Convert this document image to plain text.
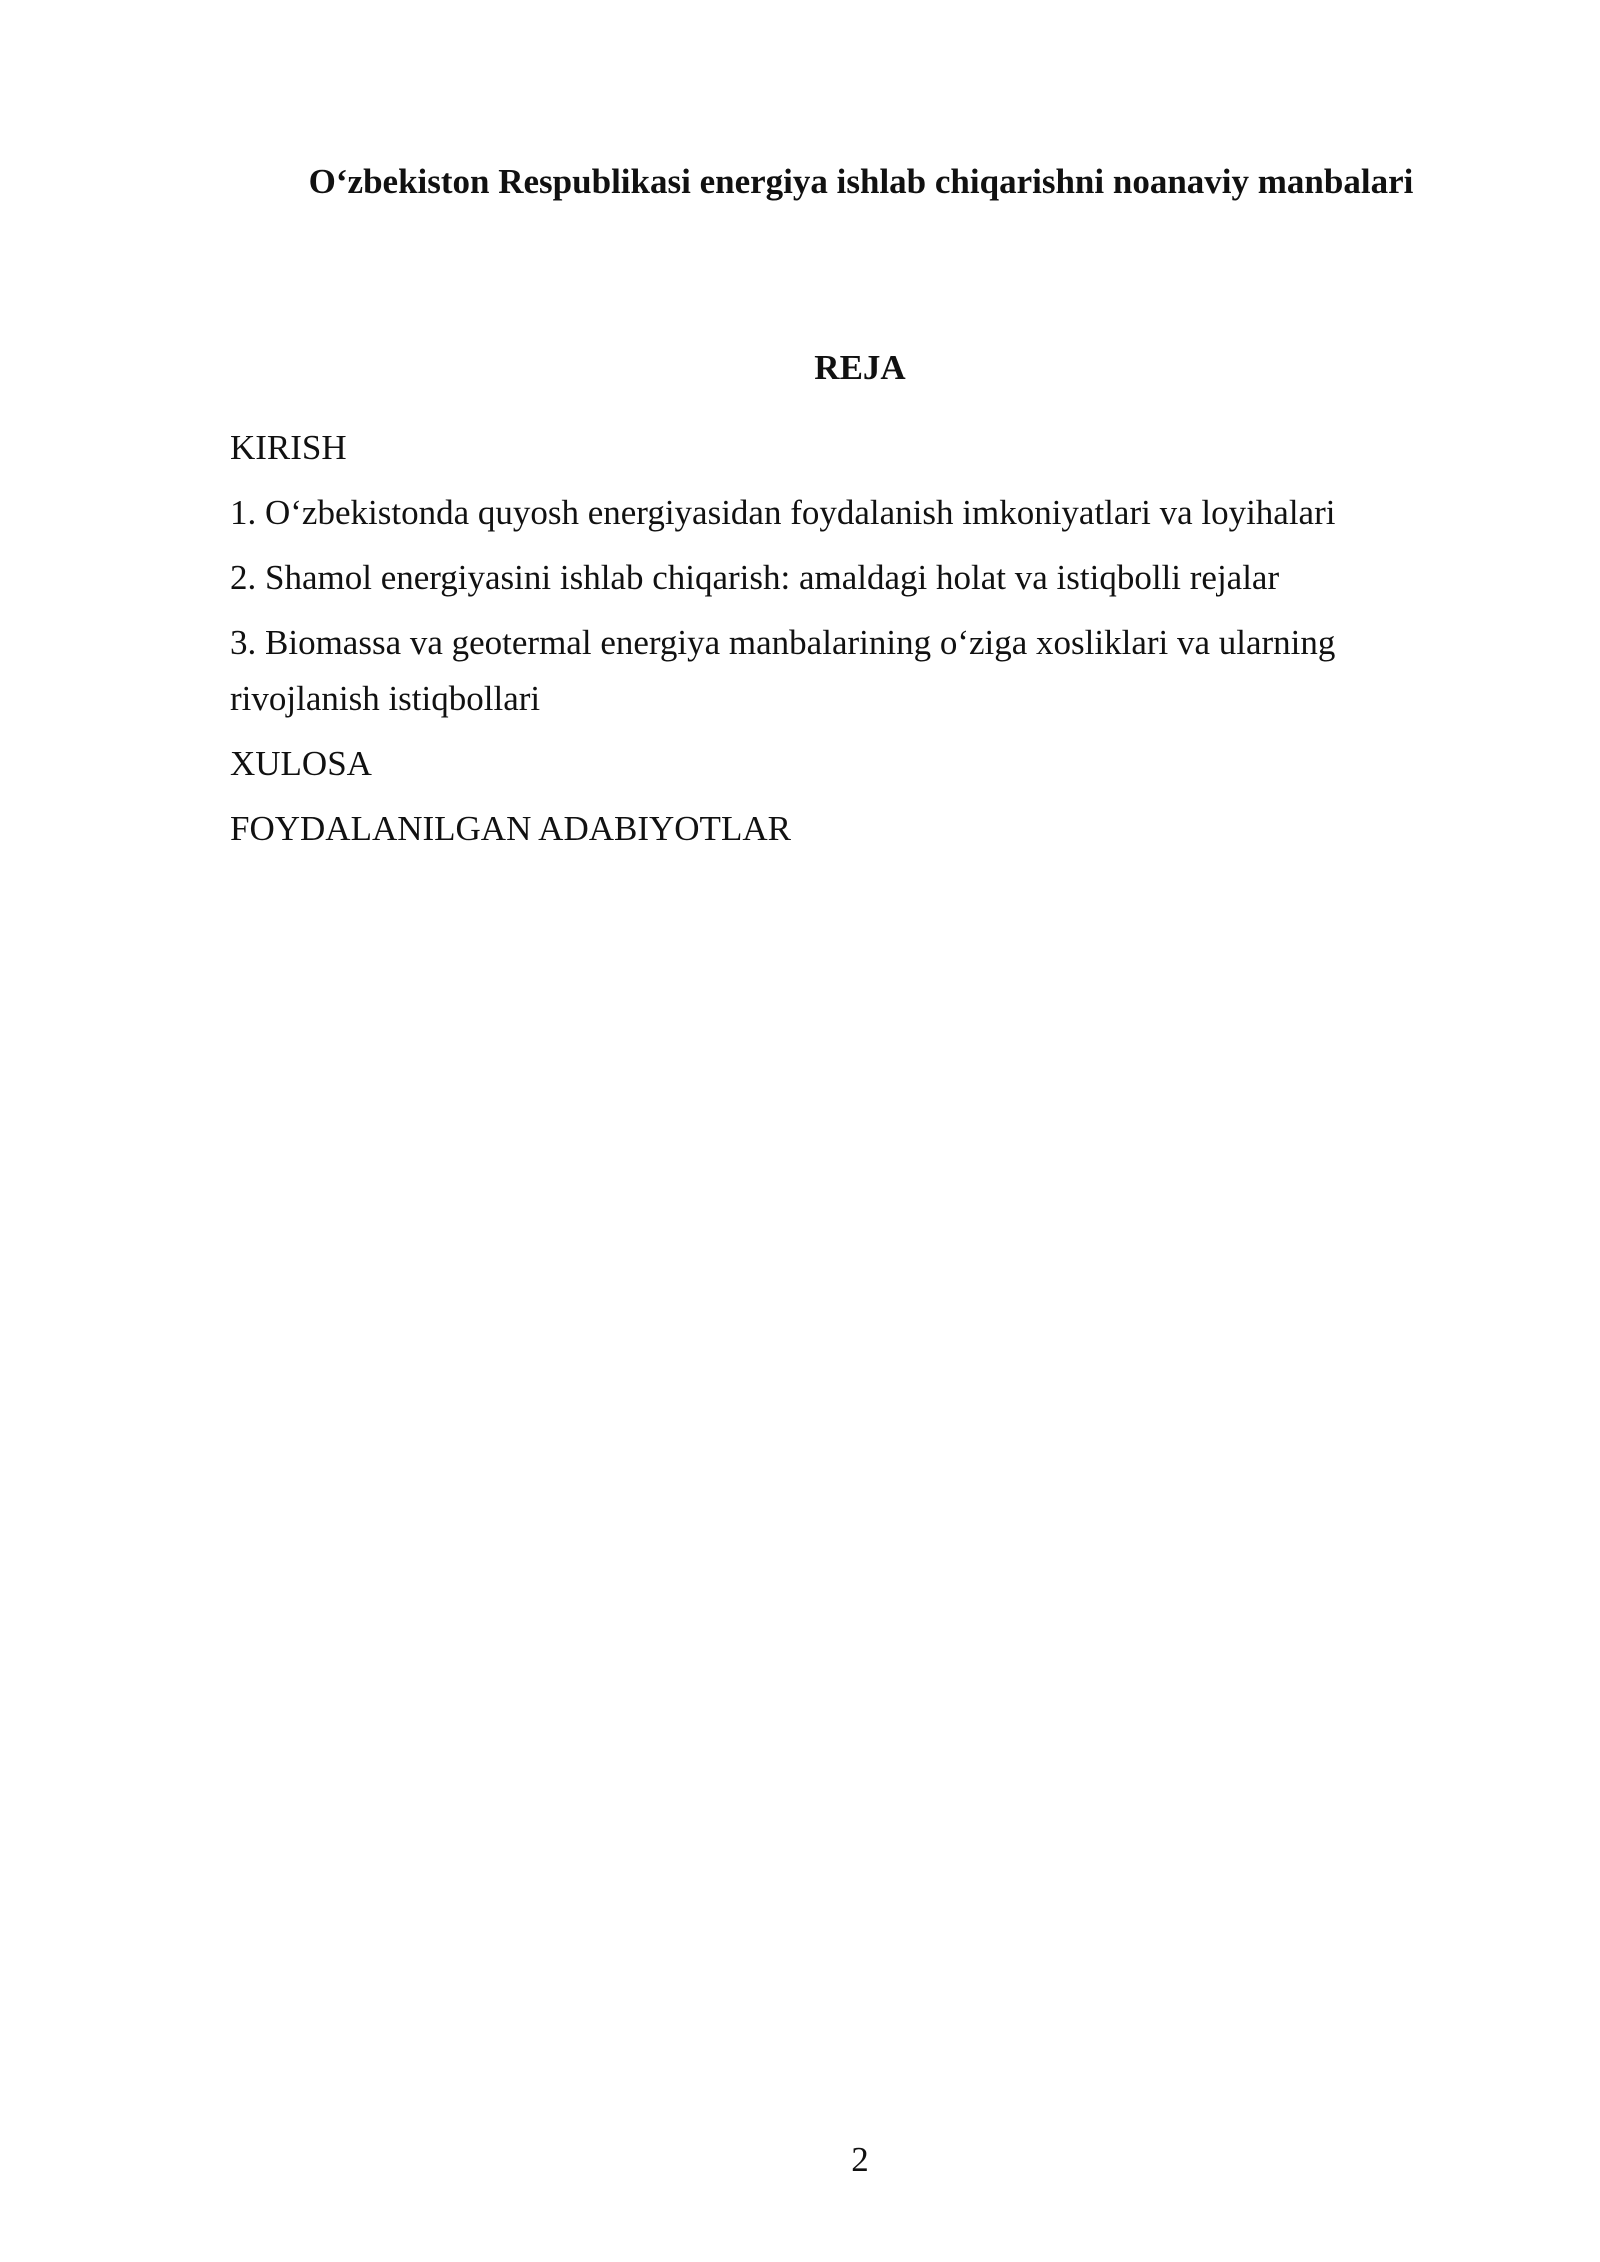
O‘zbekiston Respublikasi energiya ishlab chiqarishni noanaviy manbalari
REJA
KIRISH
1. O‘zbekistonda quyosh energiyasidan foydalanish imkoniyatlari va loyihalari
2. Shamol energiyasini ishlab chiqarish: amaldagi holat va istiqbolli rejalar
3. Biomassa va geotermal energiya manbalarining o‘ziga xosliklari va ularning rivojlanish istiqbollari
XULOSA
FOYDALANILGAN ADABIYOTLAR
2
